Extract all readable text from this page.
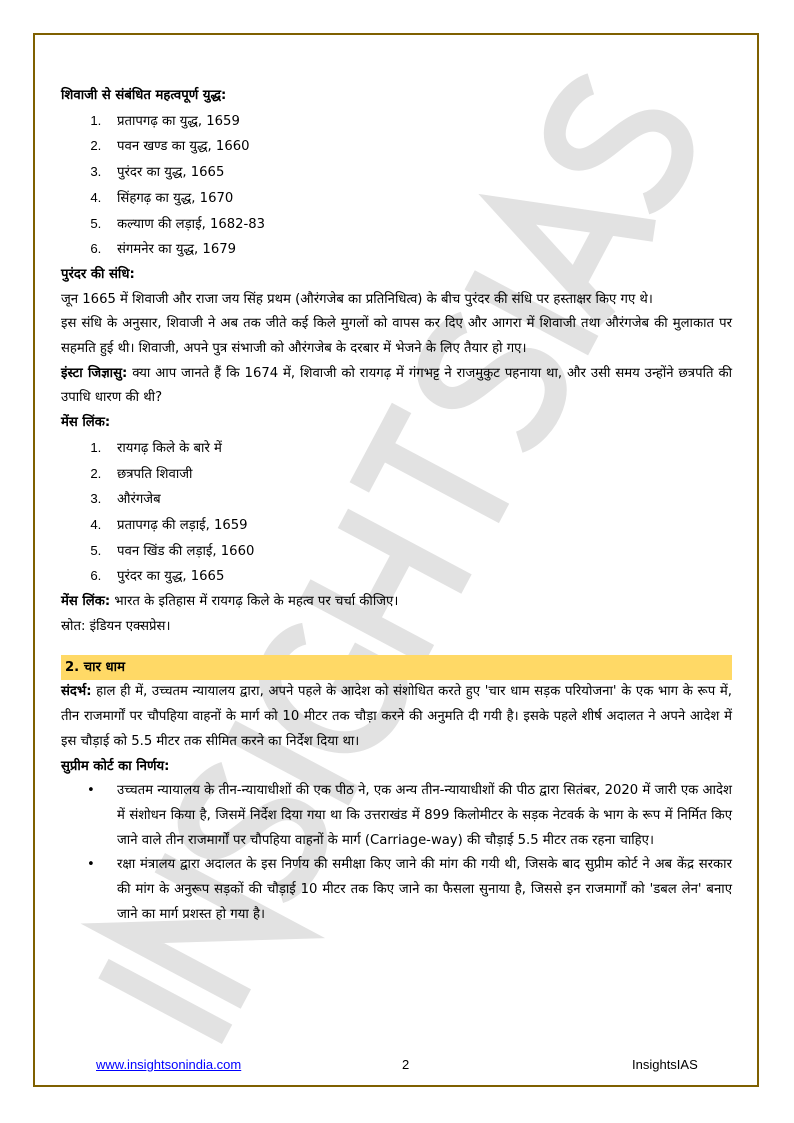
शिवाजी से संबंधित महत्वपूर्ण युद्ध:
1. प्रतापगढ़ का युद्ध, 1659
2. पवन खण्ड का युद्ध, 1660
3. पुरंदर का युद्ध, 1665
4. सिंहगढ़ का युद्ध, 1670
5. कल्याण की लड़ाई, 1682-83
6. संगमनेर का युद्ध, 1679
पुरंदर की संधि:

जून 1665 में शिवाजी और राजा जय सिंह प्रथम (औरंगजेब का प्रतिनिधित्व) के बीच पुरंदर की संधि पर हस्ताक्षर किए गए थे।

इस संधि के अनुसार, शिवाजी ने अब तक जीते कई किले मुगलों को वापस कर दिए और आगरा में शिवाजी तथा औरंगजेब की मुलाकात पर सहमति हुई थी। शिवाजी, अपने पुत्र संभाजी को औरंगजेब के दरबार में भेजने के लिए तैयार हो गए।

इंस्टा जिज्ञासु: क्या आप जानते हैं कि 1674 में, शिवाजी को रायगढ़ में गंगभट्ट ने राजमुकुट पहनाया था, और उसी समय उन्होंने छत्रपति की उपाधि धारण की थी?

मेंस लिंक:
1. रायगढ़ किले के बारे में
2. छत्रपति शिवाजी
3. औरंगजेब
4. प्रतापगढ़ की लड़ाई, 1659
5. पवन खिंड की लड़ाई, 1660
6. पुरंदर का युद्ध, 1665

मेंस लिंक: भारत के इतिहास में रायगढ़ किले के महत्व पर चर्चा कीजिए।

स्रोत: इंडियन एक्सप्रेस।

2. चार धाम

संदर्भ: हाल ही में, उच्चतम न्यायालय द्वारा, अपने पहले के आदेश को संशोधित करते हुए 'चार धाम सड़क परियोजना' के एक भाग के रूप में, तीन राजमार्गों पर चौपहिया वाहनों के मार्ग को 10 मीटर तक चौड़ा करने की अनुमति दी गयी है। इसके पहले शीर्ष अदालत ने अपने आदेश में इस चौड़ाई को 5.5 मीटर तक सीमित करने का निर्देश दिया था।

सुप्रीम कोर्ट का निर्णय:
• उच्चतम न्यायालय के तीन-न्यायाधीशों की एक पीठ ने, एक अन्य तीन-न्यायाधीशों की पीठ द्वारा सितंबर, 2020 में जारी एक आदेश में संशोधन किया है, जिसमें निर्देश दिया गया था कि उत्तराखंड में 899 किलोमीटर के सड़क नेटवर्क के भाग के रूप में निर्मित किए जाने वाले तीन राजमार्गों पर चौपहिया वाहनों के मार्ग (Carriage-way) की चौड़ाई 5.5 मीटर तक रहना चाहिए।
• रक्षा मंत्रालय द्वारा अदालत के इस निर्णय की समीक्षा किए जाने की मांग की गयी थी, जिसके बाद सुप्रीम कोर्ट ने अब केंद्र सरकार की मांग के अनुरूप सड़कों की चौड़ाई 10 मीटर तक किए जाने का फैसला सुनाया है, जिससे इन राजमार्गों को 'डबल लेन' बनाए जाने का मार्ग प्रशस्त हो गया है।
www.insightsonindia.com	2	InsightsIAS
